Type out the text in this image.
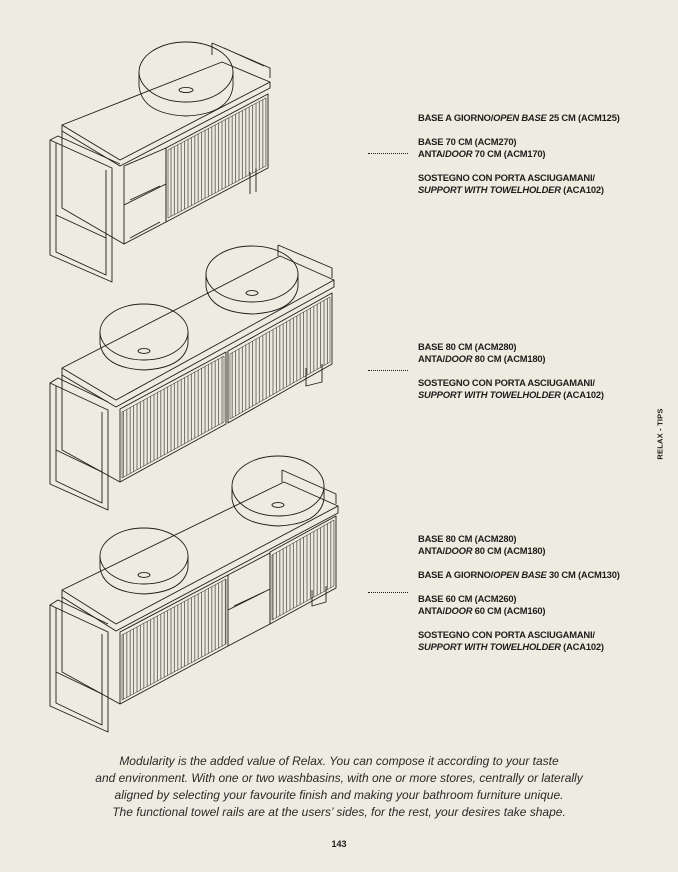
BASE A GIORNO/OPEN BASE 25 CM (ACM125)
BASE 70 CM (ACM270)
ANTA/DOOR 70 CM (ACM170)
SOSTEGNO CON PORTA ASCIUGAMANI/
SUPPORT WITH TOWELHOLDER (ACA102)
BASE 80 CM (ACM280)
ANTA/DOOR 80 CM (ACM180)
SOSTEGNO CON PORTA ASCIUGAMANI/
SUPPORT WITH TOWELHOLDER (ACA102)
BASE 80 CM (ACM280)
ANTA/DOOR 80 CM (ACM180)
BASE A GIORNO/OPEN BASE 30 CM (ACM130)
BASE 60 CM (ACM260)
ANTA/DOOR 60 CM (ACM160)
SOSTEGNO CON PORTA ASCIUGAMANI/
SUPPORT WITH TOWELHOLDER (ACA102)
RELAX - TIPS
Modularity is the added value of Relax. You can compose it according to your taste
and environment. With one or two washbasins, with one or more stores, centrally or laterally
aligned by selecting your favourite finish and making your bathroom furniture unique.
The functional towel rails are at the users’ sides, for the rest, your desires take shape.
143
